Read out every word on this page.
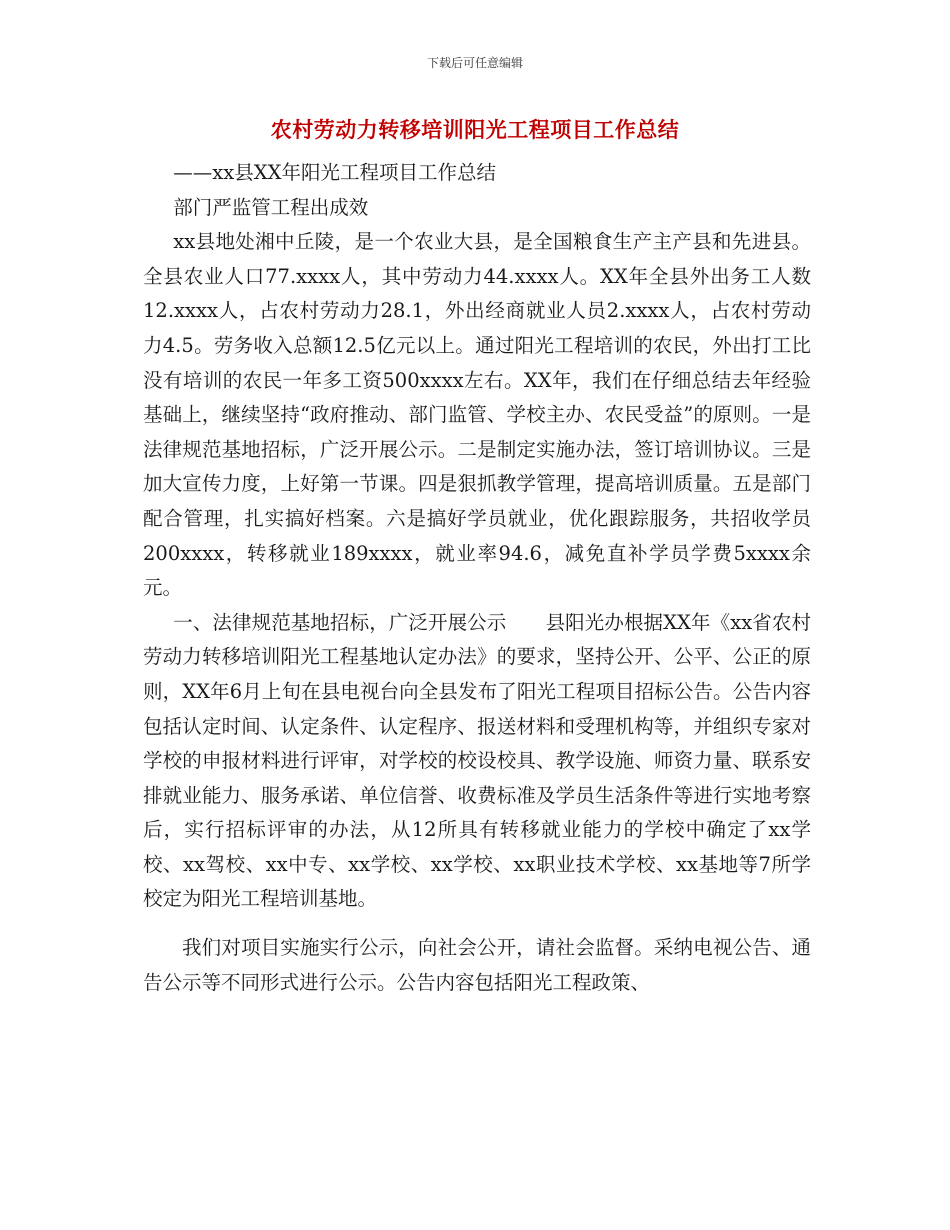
下载后可任意编辑
农村劳动力转移培训阳光工程项目工作总结

——xx县XX年阳光工程项目工作总结

部门严监管工程出成效

xx县地处湘中丘陵，是一个农业大县，是全国粮食生产主产县和先进县。全县农业人口77.xxxx人，其中劳动力44.xxxx人。XX年全县外出务工人数12.xxxx人，占农村劳动力28.1，外出经商就业人员2.xxxx人，占农村劳动力4.5。劳务收入总额12.5亿元以上。通过阳光工程培训的农民，外出打工比没有培训的农民一年多工资500xxxx左右。XX年，我们在仔细总结去年经验基础上，继续坚持“政府推动、部门监管、学校主办、农民受益”的原则。一是法律规范基地招标，广泛开展公示。二是制定实施办法，签订培训协议。三是加大宣传力度，上好第一节课。四是狠抓教学管理，提高培训质量。五是部门配合管理，扎实搞好档案。六是搞好学员就业，优化跟踪服务，共招收学员200xxxx，转移就业189xxxx，就业率94.6，减免直补学员学费5xxxx余元。

一、法律规范基地招标，广泛开展公示　　县阳光办根据XX年《xx省农村劳动力转移培训阳光工程基地认定办法》的要求，坚持公开、公平、公正的原则，XX年6月上旬在县电视台向全县发布了阳光工程项目招标公告。公告内容包括认定时间、认定条件、认定程序、报送材料和受理机构等，并组织专家对学校的申报材料进行评审，对学校的校设校具、教学设施、师资力量、联系安排就业能力、服务承诺、单位信誉、收费标准及学员生活条件等进行实地考察后，实行招标评审的办法，从12所具有转移就业能力的学校中确定了xx学校、xx驾校、xx中专、xx学校、xx学校、xx职业技术学校、xx基地等7所学校定为阳光工程培训基地。

我们对项目实施实行公示，向社会公开，请社会监督。采纳电视公告、通告公示等不同形式进行公示。公告内容包括阳光工程政策、
